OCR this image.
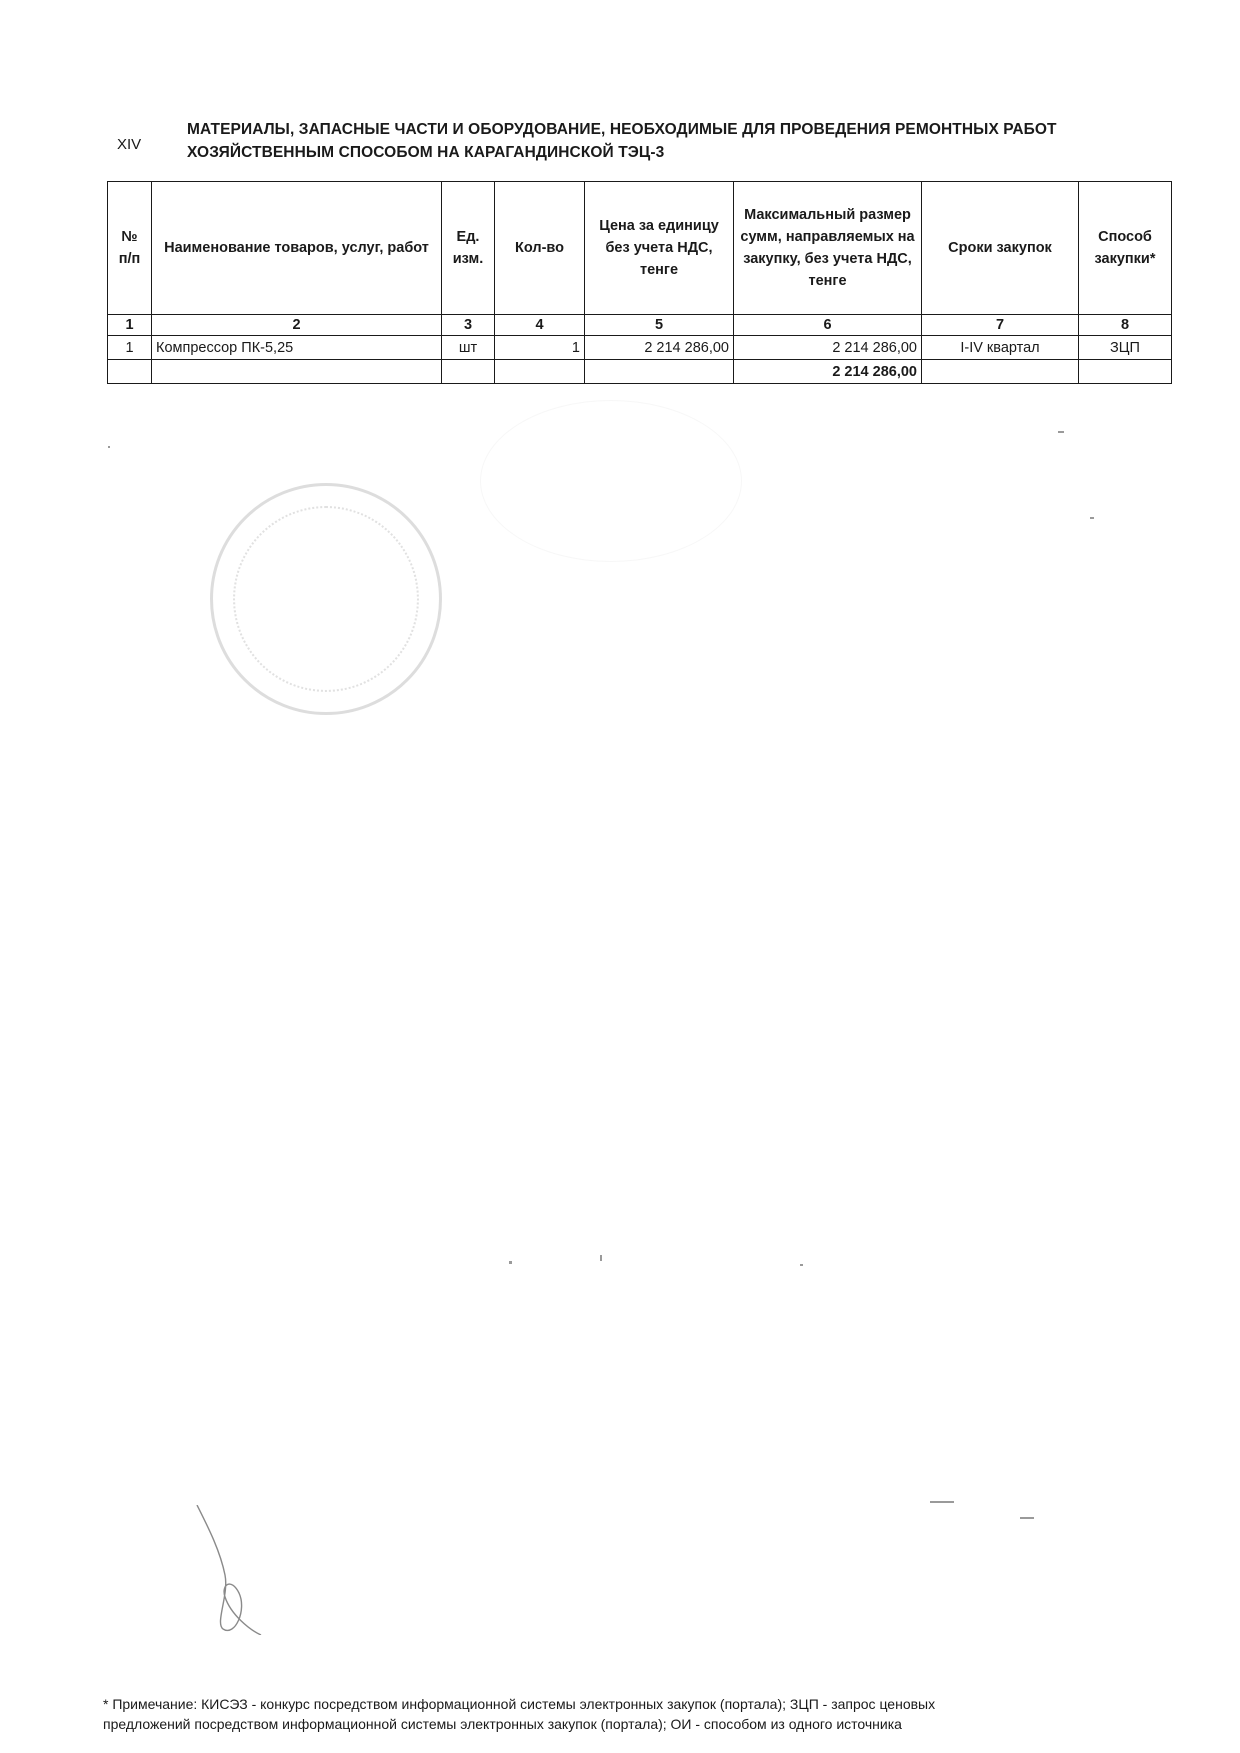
XIV
МАТЕРИАЛЫ, ЗАПАСНЫЕ ЧАСТИ И ОБОРУДОВАНИЕ, НЕОБХОДИМЫЕ ДЛЯ ПРОВЕДЕНИЯ РЕМОНТНЫХ РАБОТ
ХОЗЯЙСТВЕННЫМ СПОСОБОМ НА КАРАГАНДИНСКОЙ ТЭЦ-3
№ п/п	Наименование товаров, услуг, работ	Ед. изм.	Кол-во	Цена за единицу без учета НДС, тенге	Максимальный размер сумм, направляемых на закупку, без учета НДС, тенге	Сроки закупок	Способ закупки*
1	2	3	4	5	6	7	8
1	Компрессор ПК-5,25	шт	1	2 214 286,00	2 214 286,00	I-IV квартал	ЗЦП
					2 214 286,00		
* Примечание: КИСЭЗ - конкурс посредством информационной системы электронных закупок (портала); ЗЦП - запрос ценовых
предложений посредством информационной системы электронных закупок (портала); ОИ - способом из одного источника
